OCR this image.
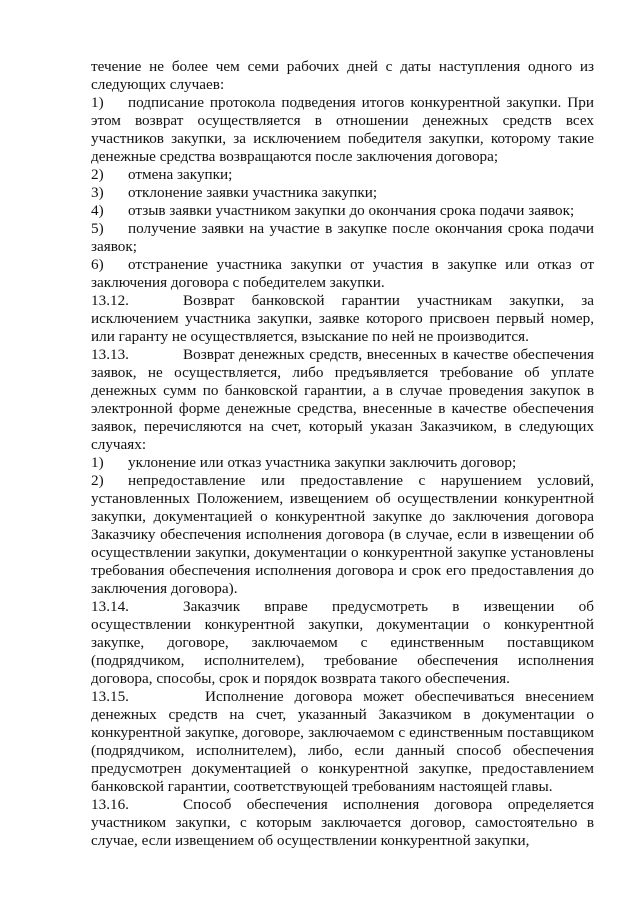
течение не более чем семи рабочих дней с даты наступления одного из следующих случаев:

1) подписание протокола подведения итогов конкурентной закупки. При этом возврат осуществляется в отношении денежных средств всех участников закупки, за исключением победителя закупки, которому такие денежные средства возвращаются после заключения договора;

2) отмена закупки;

3) отклонение заявки участника закупки;

4) отзыв заявки участником закупки до окончания срока подачи заявок;

5) получение заявки на участие в закупке после окончания срока подачи заявок;

6) отстранение участника закупки от участия в закупке или отказ от заключения договора с победителем закупки.

13.12.	Возврат банковской гарантии участникам закупки, за исключением участника закупки, заявке которого присвоен первый номер, или гаранту не осуществляется, взыскание по ней не производится.

13.13.	Возврат денежных средств, внесенных в качестве обеспечения заявок, не осуществляется, либо предъявляется требование об уплате денежных сумм по банковской гарантии, а в случае проведения закупок в электронной форме денежные средства, внесенные в качестве обеспечения заявок, перечисляются на счет, который указан Заказчиком, в следующих случаях:

1) уклонение или отказ участника закупки заключить договор;

2) непредоставление или предоставление с нарушением условий, установленных Положением, извещением об осуществлении конкурентной закупки, документацией о конкурентной закупке до заключения договора Заказчику обеспечения исполнения договора (в случае, если в извещении об осуществлении закупки, документации о конкурентной закупке установлены требования обеспечения исполнения договора и срок его предоставления до заключения договора).

13.14.	Заказчик вправе предусмотреть в извещении об осуществлении конкурентной закупки, документации о конкурентной закупке, договоре, заключаемом с единственным поставщиком (подрядчиком, исполнителем), требование обеспечения исполнения договора, способы, срок и порядок возврата такого обеспечения.

13.15.	Исполнение договора может обеспечиваться внесением денежных средств на счет, указанный Заказчиком в документации о конкурентной закупке, договоре, заключаемом с единственным поставщиком (подрядчиком, исполнителем), либо, если данный способ обеспечения предусмотрен документацией о конкурентной закупке, предоставлением банковской гарантии, соответствующей требованиям настоящей главы.

13.16.	Способ обеспечения исполнения договора определяется участником закупки, с которым заключается договор, самостоятельно в случае, если извещением об осуществлении конкурентной закупки,
